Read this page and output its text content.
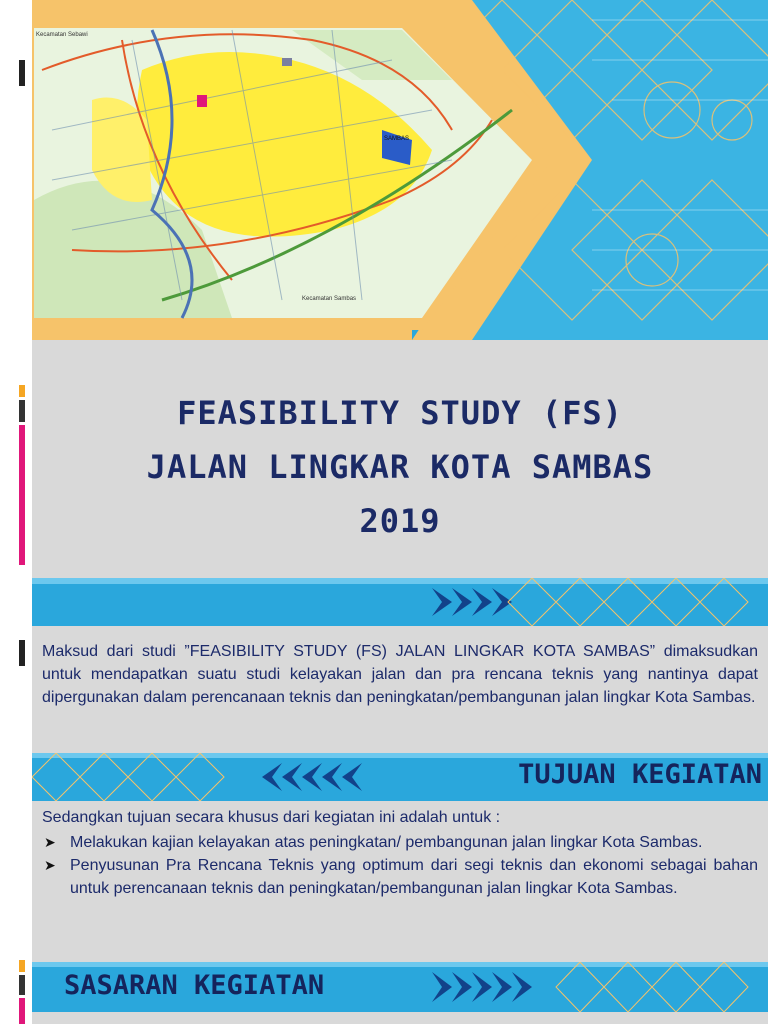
Kecamatan Sebawi
SAMBAS
Kecamatan Sambas
FEASIBILITY STUDY (FS)
JALAN LINGKAR KOTA SAMBAS
2019
Maksud dari studi ”FEASIBILITY STUDY (FS) JALAN LINGKAR KOTA SAMBAS” dimaksudkan untuk mendapatkan suatu studi kelayakan jalan dan pra rencana teknis yang nantinya dapat dipergunakan dalam perencanaan teknis dan peningkatan/pembangunan jalan lingkar Kota Sambas.
TUJUAN KEGIATAN
Sedangkan tujuan secara khusus dari kegiatan ini adalah untuk :
➤ Melakukan kajian kelayakan atas peningkatan/ pembangunan jalan lingkar Kota Sambas.
➤ Penyusunan Pra Rencana Teknis yang optimum dari segi teknis dan ekonomi sebagai bahan untuk perencanaan teknis dan peningkatan/pembangunan jalan lingkar Kota Sambas.
SASARAN KEGIATAN
